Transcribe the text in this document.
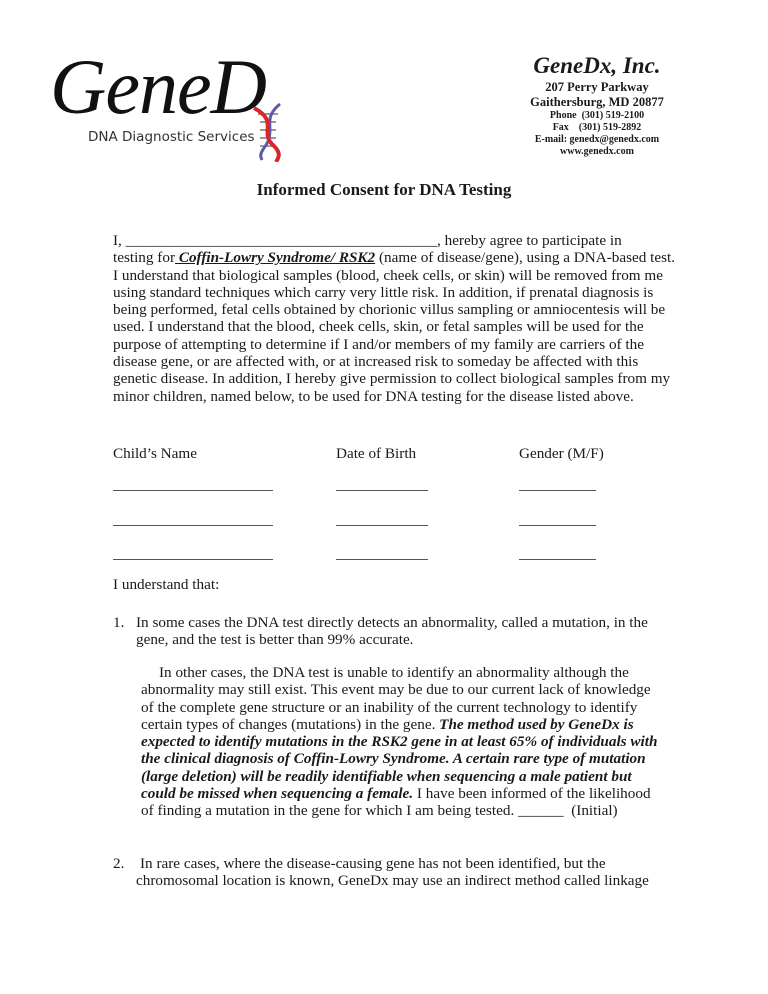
GeneD
DNA Diagnostic Services
GeneDx, Inc.
207 Perry Parkway
Gaithersburg, MD 20877
Phone  (301) 519-2100
Fax    (301) 519-2892
E-mail: genedx@genedx.com
www.genedx.com
Informed Consent for DNA Testing
I, _________________________________________, hereby agree to participate in
testing for Coffin-Lowry Syndrome/ RSK2 (name of disease/gene), using a DNA-based test. I understand that biological samples (blood, cheek cells, or skin) will be removed from me using standard techniques which carry very little risk. In addition, if prenatal diagnosis is being performed, fetal cells obtained by chorionic villus sampling or amniocentesis will be used. I understand that the blood, cheek cells, skin, or fetal samples will be used for the purpose of attempting to determine if I and/or members of my family are carriers of the disease gene, or are affected with, or at increased risk to someday be affected with this genetic disease. In addition, I hereby give permission to collect biological samples from my minor children, named below, to be used for DNA testing for the disease listed above.
Child’s Name	Date of Birth	Gender (M/F)
I understand that:
1. In some cases the DNA test directly detects an abnormality, called a mutation, in the gene, and the test is better than 99% accurate.
In other cases, the DNA test is unable to identify an abnormality although the abnormality may still exist. This event may be due to our current lack of knowledge of the complete gene structure or an inability of the current technology to identify certain types of changes (mutations) in the gene. The method used by GeneDx is expected to identify mutations in the RSK2 gene in at least 65% of individuals with the clinical diagnosis of Coffin-Lowry Syndrome. A certain rare type of mutation (large deletion) will be readily identifiable when sequencing a male patient but could be missed when sequencing a female. I have been informed of the likelihood of finding a mutation in the gene for which I am being tested. ______  (Initial)
2. In rare cases, where the disease-causing gene has not been identified, but the chromosomal location is known, GeneDx may use an indirect method called linkage
